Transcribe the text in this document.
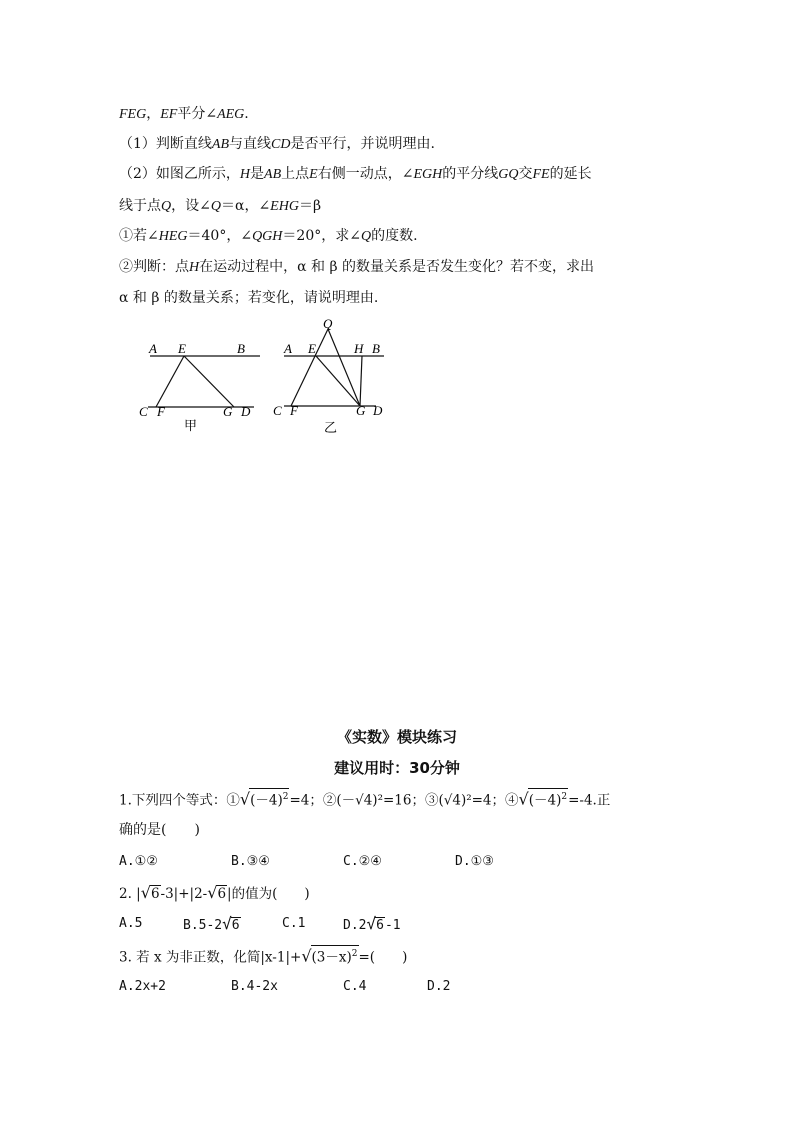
FEG，EF平分∠AEG.
（1）判断直线AB与直线CD是否平行，并说明理由.
（2）如图乙所示，H是AB上点E右侧一动点，∠EGH的平分线GQ交FE的延长
线于点Q，设∠Q＝α，∠EHG＝β
①若∠HEG＝40°，∠QGH＝20°，求∠Q的度数.
②判断：点H在运动过程中，α 和 β 的数量关系是否发生变化？若不变，求出
α 和 β 的数量关系；若变化，请说明理由.
A E	B
C F	G D
甲
Q
A E	H B
C F	G D
乙
《实数》模块练习
建议用时：30分钟
1.下列四个等式：$①√(-4)^2=4$；②(－√4)²=16；③(√4)²=4；$④√(-4)^2=-4$.正
确的是(　　)
A.①②	B.③④	C.②④	D.①③
2. |√6-3|+|2-√6|的值为(　　)
A.5	B.5-2√6	C.1	D.2√6-1
3. 若 x 为非正数，化简$|x-1|+√(3-x)^2=$(　　)
A.2x+2	B.4-2x	C.4	D.2
